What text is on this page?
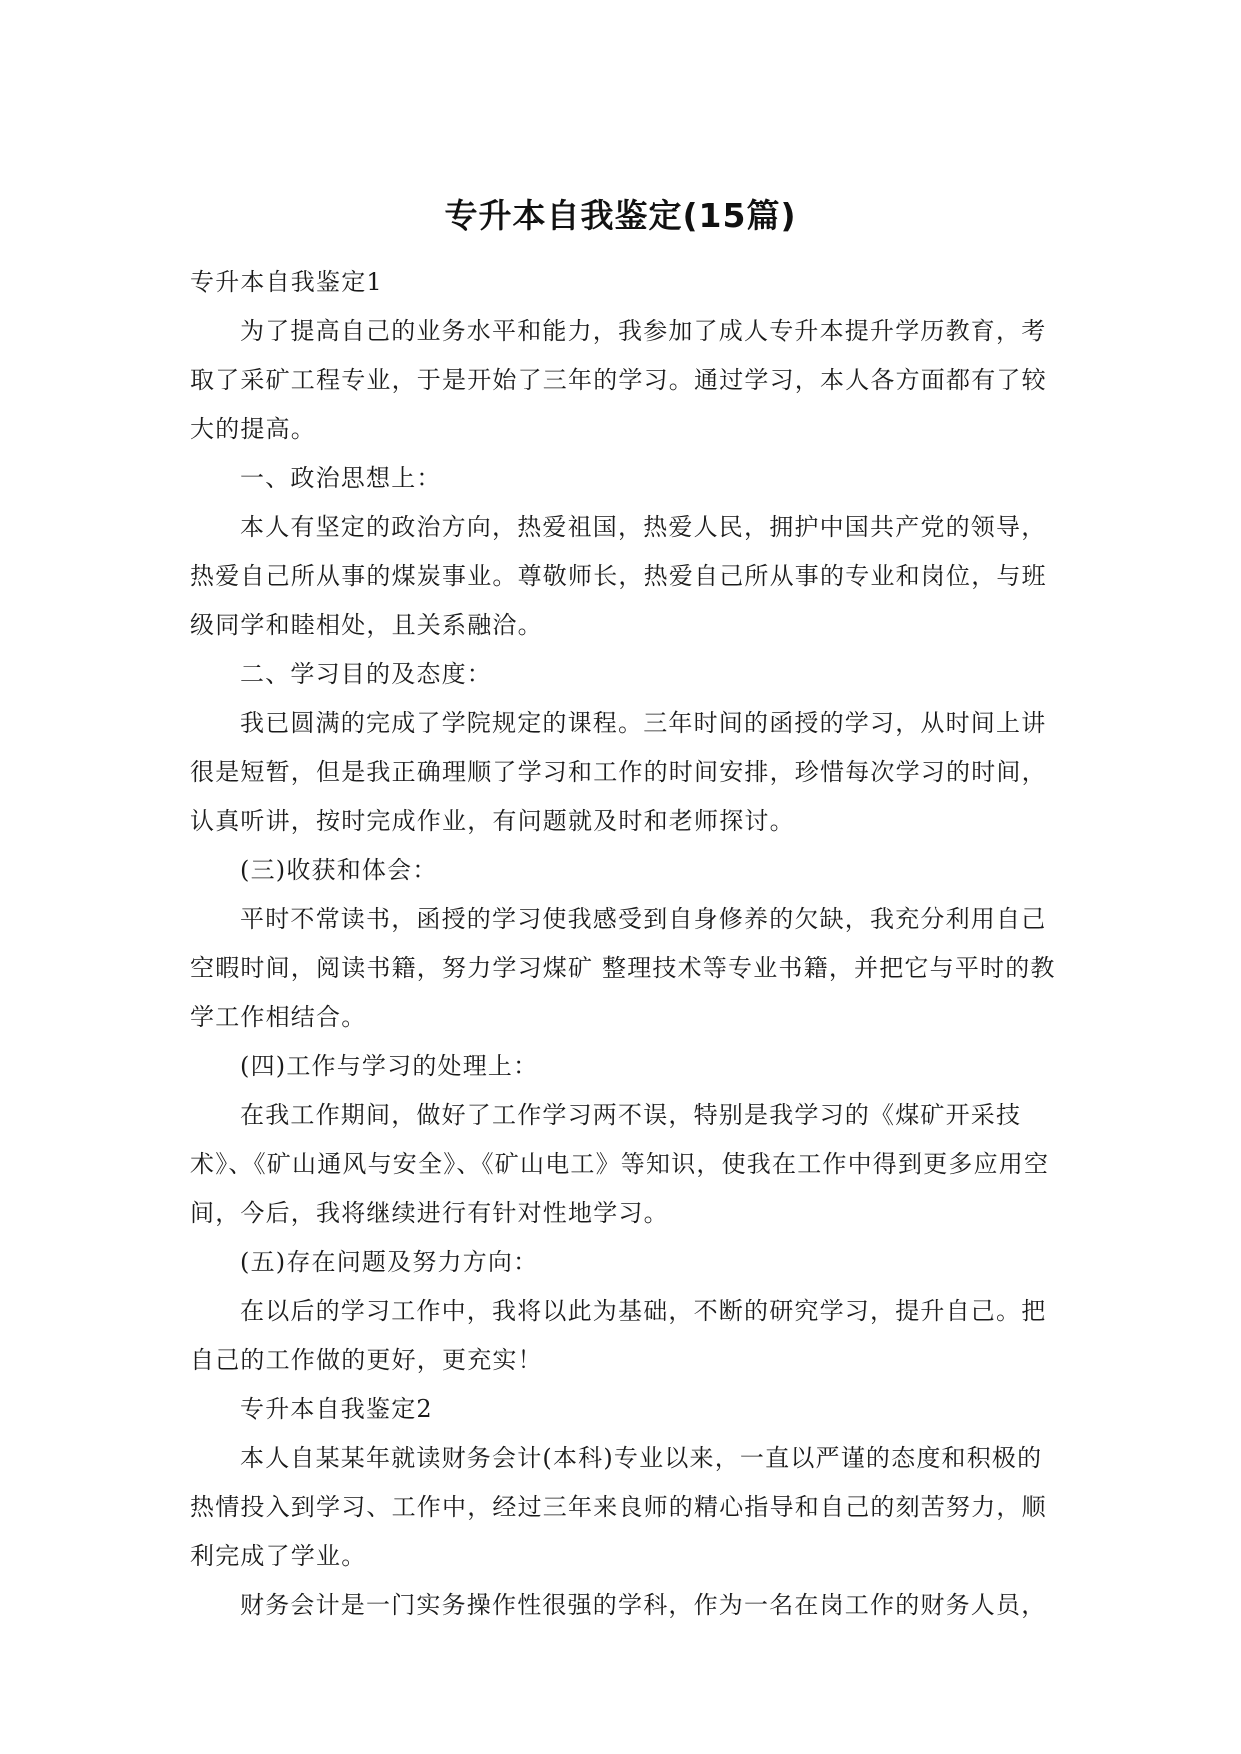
专升本自我鉴定(15篇)
专升本自我鉴定1
为了提高自己的业务水平和能力，我参加了成人专升本提升学历教育，考
取了采矿工程专业，于是开始了三年的学习。通过学习，本人各方面都有了较
大的提高。
一、政治思想上：
本人有坚定的政治方向，热爱祖国，热爱人民，拥护中国共产党的领导，
热爱自己所从事的煤炭事业。尊敬师长，热爱自己所从事的专业和岗位，与班
级同学和睦相处，且关系融洽。
二、学习目的及态度：
我已圆满的完成了学院规定的课程。三年时间的函授的学习，从时间上讲
很是短暂，但是我正确理顺了学习和工作的时间安排，珍惜每次学习的时间，
认真听讲，按时完成作业，有问题就及时和老师探讨。
(三)收获和体会：
平时不常读书，函授的学习使我感受到自身修养的欠缺，我充分利用自己
空暇时间，阅读书籍，努力学习煤矿 整理技术等专业书籍，并把它与平时的教
学工作相结合。
(四)工作与学习的处理上：
在我工作期间，做好了工作学习两不误，特别是我学习的《煤矿开采技
术》、《矿山通风与安全》、《矿山电工》等知识，使我在工作中得到更多应用空
间，今后，我将继续进行有针对性地学习。
(五)存在问题及努力方向：
在以后的学习工作中，我将以此为基础，不断的研究学习，提升自己。把
自己的工作做的更好，更充实！
专升本自我鉴定2
本人自某某年就读财务会计(本科)专业以来，一直以严谨的态度和积极的
热情投入到学习、工作中，经过三年来良师的精心指导和自己的刻苦努力，顺
利完成了学业。
财务会计是一门实务操作性很强的学科，作为一名在岗工作的财务人员，
